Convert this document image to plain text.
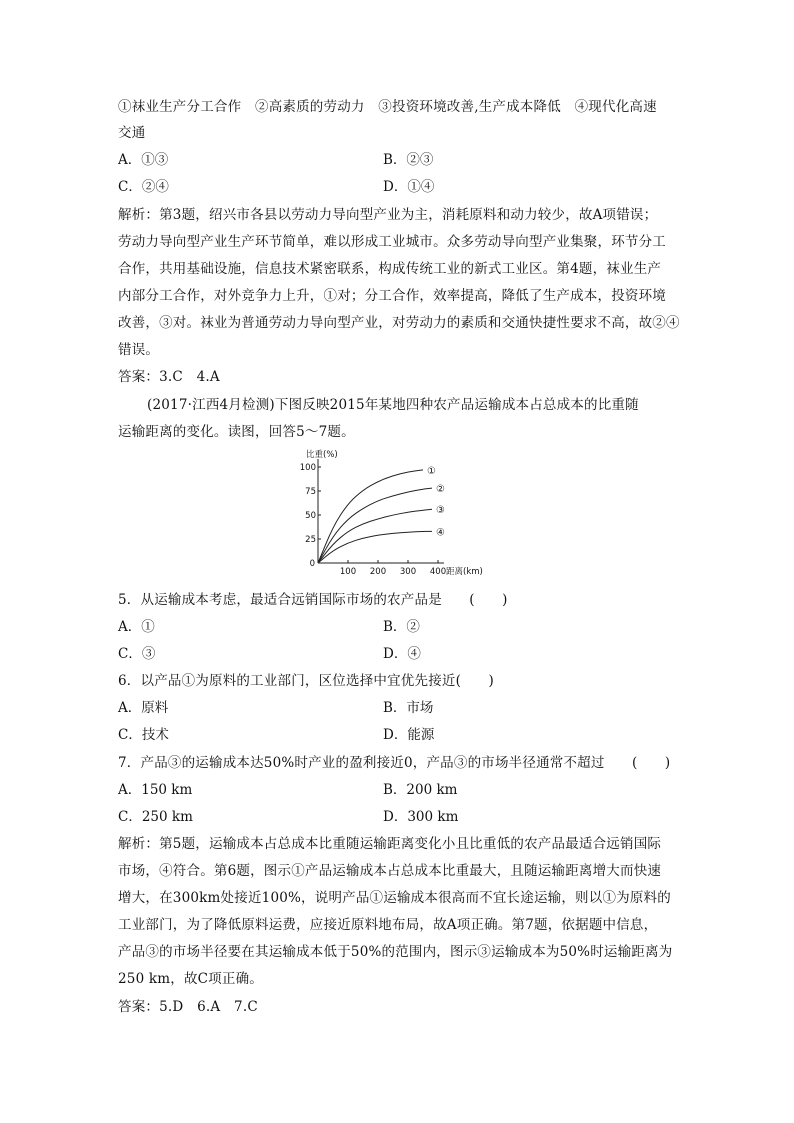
①袜业生产分工合作　②高素质的劳动力　③投资环境改善,生产成本降低　④现代化高速
交通
A．①③	B．②③
C．②④	D．①④
解析：第3题，绍兴市各县以劳动力导向型产业为主，消耗原料和动力较少，故A项错误；
劳动力导向型产业生产环节简单，难以形成工业城市。众多劳动导向型产业集聚，环节分工
合作，共用基础设施，信息技术紧密联系，构成传统工业的新式工业区。第4题，袜业生产
内部分工合作，对外竞争力上升，①对；分工合作，效率提高，降低了生产成本，投资环境
改善，③对。袜业为普通劳动力导向型产业，对劳动力的素质和交通快捷性要求不高，故②④
错误。
答案：3.C　4.A
(2017·江西4月检测)下图反映2015年某地四种农产品运输成本占总成本的比重随
运输距离的变化。读图，回答5～7题。
100
75
50
25
0
100 200 300 400
比重(%)
距离(km)
①
②
③
④
5．从运输成本考虑，最适合远销国际市场的农产品是　　(　　)
A．①	B．②
C．③	D．④
6．以产品①为原料的工业部门，区位选择中宜优先接近(　　)
A．原料	B．市场
C．技术	D．能源
7．产品③的运输成本达50%时产业的盈利接近0，产品③的市场半径通常不超过　　(　　)
A．150 km	B．200 km
C．250 km	D．300 km
解析：第5题，运输成本占总成本比重随运输距离变化小且比重低的农产品最适合远销国际
市场，④符合。第6题，图示①产品运输成本占总成本比重最大，且随运输距离增大而快速
增大，在300km处接近100%，说明产品①运输成本很高而不宜长途运输，则以①为原料的
工业部门，为了降低原料运费，应接近原料地布局，故A项正确。第7题，依据题中信息，
产品③的市场半径要在其运输成本低于50%的范围内，图示③运输成本为50%时运输距离为
250 km，故C项正确。
答案：5.D　6.A　7.C
